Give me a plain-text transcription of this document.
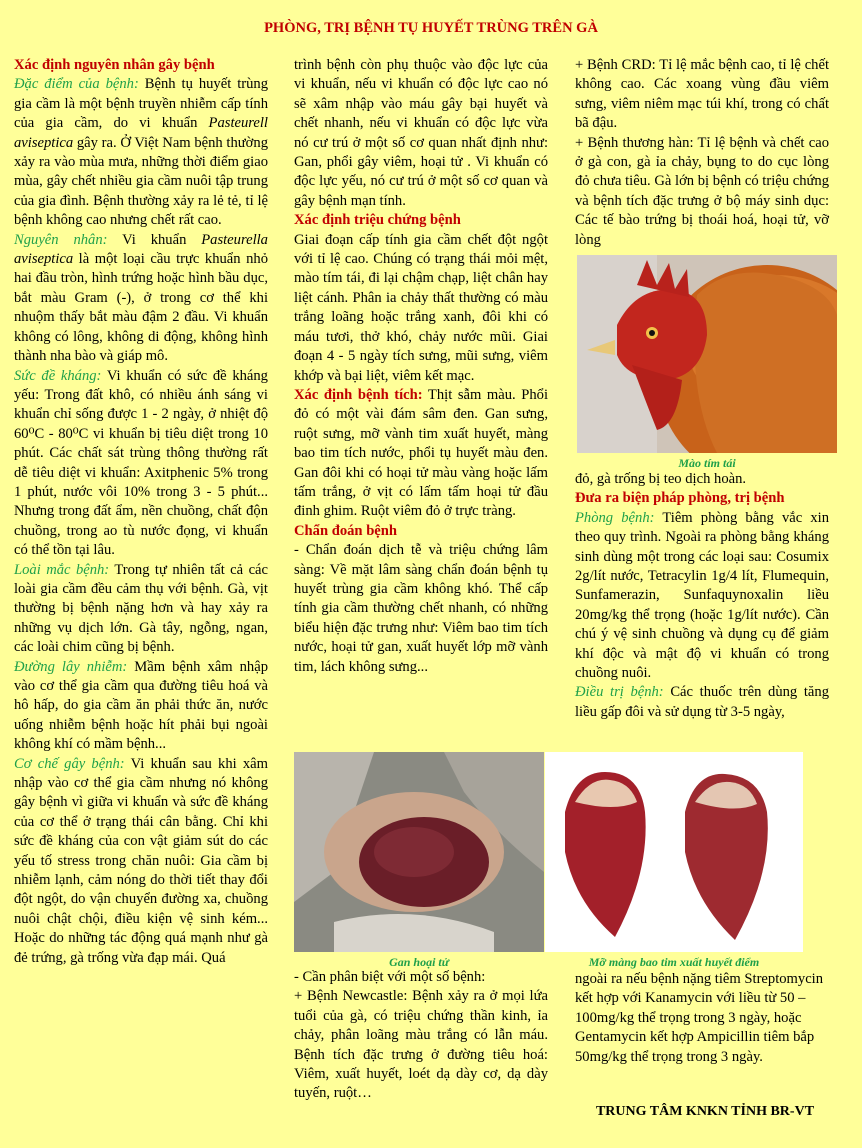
PHÒNG, TRỊ BỆNH TỤ HUYẾT TRÙNG TRÊN GÀ

Xác định nguyên nhân gây bệnh

Đặc điểm của bệnh: Bệnh tụ huyết trùng gia cầm là một bệnh truyền nhiễm cấp tính của gia cầm, do vi khuẩn Pasteurell aviseptica gây ra. Ở Việt Nam bệnh thường xảy ra vào mùa mưa, những thời điểm giao mùa, gây chết nhiều gia cầm nuôi tập trung của gia đình. Bệnh thường xảy ra lẻ tẻ, tỉ lệ bệnh không cao nhưng chết rất cao.

Nguyên nhân: Vi khuẩn Pasteurella aviseptica là một loại cầu trực khuẩn nhỏ hai đầu tròn, hình trứng hoặc hình bầu dục, bắt màu Gram (-), ở trong cơ thể khi nhuộm thấy bắt màu đậm 2 đầu. Vi khuẩn không có lông, không di động, không hình thành nha bào và giáp mô.

Sức đề kháng: Vi khuẩn có sức đề kháng yếu: Trong đất khô, có nhiều ánh sáng vi khuẩn chỉ sống được 1 - 2 ngày, ở nhiệt độ 60⁰C - 80⁰C vi khuẩn bị tiêu diệt trong 10 phút. Các chất sát trùng thông thường rất dễ tiêu diệt vi khuẩn: Axitphenic 5% trong 1 phút, nước vôi 10% trong 3 - 5 phút... Nhưng trong đất ẩm, nền chuồng, chất độn chuồng, trong ao tù nước đọng, vi khuẩn có thể tồn tại lâu.

Loài mắc bệnh: Trong tự nhiên tất cả các loài gia cầm đều cảm thụ với bệnh. Gà, vịt thường bị bệnh nặng hơn và hay xảy ra những vụ dịch lớn. Gà tây, ngỗng, ngan, các loài chim cũng bị bệnh.

Đường lây nhiễm: Mầm bệnh xâm nhập vào cơ thể gia cầm qua đường tiêu hoá và hô hấp, do gia cầm ăn phải thức ăn, nước uống nhiễm bệnh hoặc hít phải bụi ngoài không khí có mầm bệnh...

Cơ chế gây bệnh: Vi khuẩn sau khi xâm nhập vào cơ thể gia cầm nhưng nó không gây bệnh vì giữa vi khuẩn và sức đề kháng của cơ thể ở trạng thái cân bằng. Chỉ khi sức đề kháng của con vật giảm sút do các yếu tố stress trong chăn nuôi: Gia cầm bị nhiễm lạnh, cảm nóng do thời tiết thay đổi đột ngột, do vận chuyển đường xa, chuồng nuôi chật chội, điều kiện vệ sinh kém... Hoặc do những tác động quá mạnh như gà đẻ trứng, gà trống vừa đạp mái. Quá

trình bệnh còn phụ thuộc vào độc lực của vi khuẩn, nếu vi khuẩn có độc lực cao nó sẽ xâm nhập vào máu gây bại huyết và chết nhanh, nếu vi khuẩn có độc lực vừa nó cư trú ở một số cơ quan nhất định như: Gan, phổi gây viêm, hoại tử . Vi khuẩn có độc lực yếu, nó cư trú ở một số cơ quan và gây bệnh mạn tính.

Xác định triệu chứng bệnh

Giai đoạn cấp tính gia cầm chết đột ngột với tỉ lệ cao. Chúng có trạng thái mỏi mệt, mào tím tái, đi lại chậm chạp, liệt chân hay liệt cánh. Phân ia chảy thất thường có màu trắng loãng hoặc trắng xanh, đôi khi có máu tươi, thở khó, chảy nước mũi. Giai đoạn 4 - 5 ngày tích sưng, mũi sưng, viêm khớp và bại liệt, viêm kết mạc.

Xác định bệnh tích: Thịt sẫm màu. Phổi đỏ có một vài đám sâm đen. Gan sưng, ruột sưng, mỡ vành tim xuất huyết, màng bao tim tích nước, phổi tụ huyết màu đen. Gan đôi khi có hoại tử màu vàng hoặc lấm tấm trắng, ở vịt có lấm tấm hoại tử đầu đinh ghim. Ruột viêm đỏ ở trực tràng.

Chẩn đoán bệnh

- Chẩn đoán dịch tễ và triệu chứng lâm sàng: Về mặt lâm sàng chẩn đoán bệnh tụ huyết trùng gia cầm không khó. Thể cấp tính gia cầm thường chết nhanh, có những biểu hiện đặc trưng như: Viêm bao tim tích nước, hoại tử gan, xuất huyết lớp mỡ vành tim, lách không sưng...

- Cần phân biệt với một số bệnh:

+ Bệnh Newcastle: Bệnh xảy ra ở mọi lứa tuổi của gà, có triệu chứng thần kinh, ỉa chảy, phân loãng màu trắng có lẫn máu. Bệnh tích đặc trưng ở đường tiêu hoá: Viêm, xuất huyết, loét dạ dày cơ, dạ dày tuyến, ruột…

+ Bệnh CRD: Tỉ lệ mắc bệnh cao, tỉ lệ chết không cao. Các xoang vùng đầu viêm sưng, viêm niêm mạc túi khí, trong có chất bã đậu.

+ Bệnh thương hàn: Tỉ lệ bệnh và chết cao ở gà con, gà ỉa chảy, bụng to do cục lòng đỏ chưa tiêu. Gà lớn bị bệnh có triệu chứng và bệnh tích đặc trưng ở bộ máy sinh dục: Các tế bào trứng bị thoái hoá, hoại tử, vỡ lòng

đỏ, gà trống bị teo dịch hoàn.

Đưa ra biện pháp phòng, trị bệnh

Phòng bệnh: Tiêm phòng bằng vắc xin theo quy trình. Ngoài ra phòng bằng kháng sinh dùng một trong các loại sau: Cosumix 2g/lít nước, Tetracylin 1g/4 lít, Flumequin, Sunfamerazin, Sunfaquynoxalin liều 20mg/kg thể trọng (hoặc 1g/lít nước). Cần chú ý vệ sinh chuồng và dụng cụ để giảm khí độc và mật độ vi khuẩn có trong chuồng nuôi.

Điều trị bệnh: Các thuốc trên dùng tăng liều gấp đôi và sử dụng từ 3-5 ngày,

ngoài ra nếu bệnh nặng tiêm Streptomycin kết hợp với Kanamycin với liều từ 50 – 100mg/kg thể trọng trong 3 ngày, hoặc Gentamycin kết hợp Ampicillin tiêm bắp 50mg/kg thể trọng trong 3 ngày.

Mào tím tái
Gan hoại tử	Mỡ màng bao tim xuất huyết điểm
TRUNG TÂM KNKN TỈNH BR-VT
